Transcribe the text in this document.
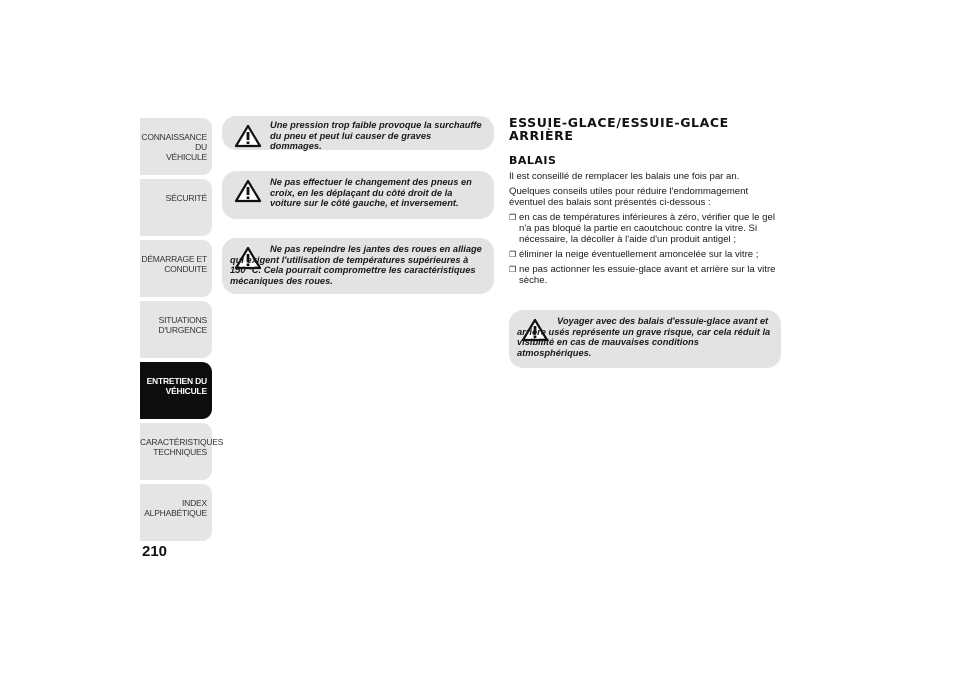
CONNAISSANCE DU
VÉHICULE
SÉCURITÉ
DÉMARRAGE ET
CONDUITE
SITUATIONS
D'URGENCE
ENTRETIEN DU
VÉHICULE
CARACTÉRISTIQUES
TECHNIQUES
INDEX
ALPHABÉTIQUE
210
Une pression trop faible provoque la surchauffe du pneu et peut lui causer de graves dommages.
Ne pas effectuer le changement des pneus en croix, en les déplaçant du côté droit de la voiture sur le côté gauche, et inversement.
Ne pas repeindre les jantes des roues en alliage qui exigent l'utilisation de températures supérieures à 150 °C. Cela pourrait compromettre les caractéristiques mécaniques des roues.
ESSUIE-GLACE/ESSUIE-GLACE
ARRIÈRE
BALAIS

Il est conseillé de remplacer les balais une fois par an.

Quelques conseils utiles pour réduire l'endommagement éventuel des balais sont présentés ci-dessous :

❒ en cas de températures inférieures à zéro, vérifier que le gel n'a pas bloqué la partie en caoutchouc contre la vitre. Si nécessaire, la décoller à l'aide d'un produit antigel ;
❒ éliminer la neige éventuellement amoncelée sur la vitre ;
❒ ne pas actionner les essuie-glace avant et arrière sur la vitre sèche.
Voyager avec des balais d'essuie-glace avant et arrière usés représente un grave risque, car cela réduit la visibilité en cas de mauvaises conditions atmosphériques.
